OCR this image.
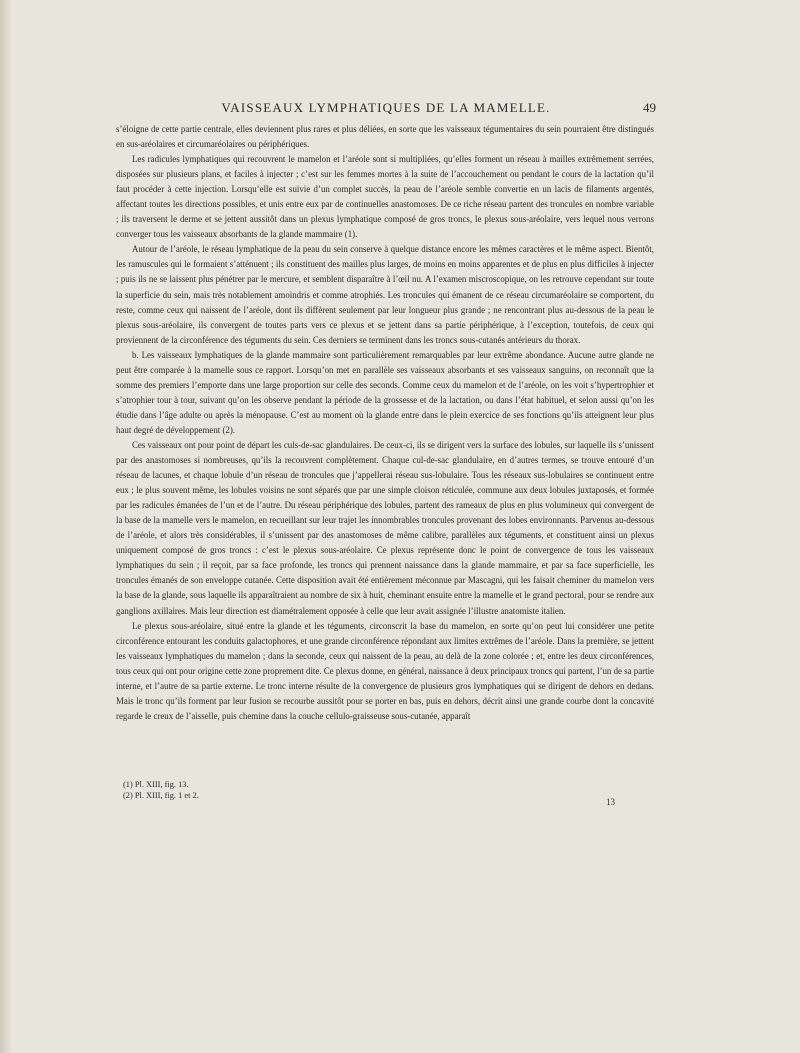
VAISSEAUX LYMPHATIQUES DE LA MAMELLE.	49

s’éloigne de cette partie centrale, elles deviennent plus rares et plus déliées, en sorte que les vaisseaux tégumentaires du sein pourraient être distingués en sus-aréolaires et circumaréolaires ou périphériques.

Les radicules lymphatiques qui recouvrent le mamelon et l’aréole sont si multipliées, qu’elles forment un réseau à mailles extrêmement serrées, disposées sur plusieurs plans, et faciles à injecter ; c’est sur les femmes mortes à la suite de l’accouchement ou pendant le cours de la lactation qu’il faut procéder à cette injection. Lorsqu’elle est suivie d’un complet succès, la peau de l’aréole semble convertie en un lacis de filaments argentés, affectant toutes les directions possibles, et unis entre eux par de continuelles anastomoses. De ce riche réseau partent des troncules en nombre variable ; ils traversent le derme et se jettent aussitôt dans un plexus lymphatique composé de gros troncs, le plexus sous-aréolaire, vers lequel nous verrons converger tous les vaisseaux absorbants de la glande mammaire (1).

Autour de l’aréole, le réseau lymphatique de la peau du sein conserve à quelque distance encore les mêmes caractères et le même aspect. Bientôt, les ramuscules qui le formaient s’atténuent ; ils constituent des mailles plus larges, de moins en moins apparentes et de plus en plus difficiles à injecter ; puis ils ne se laissent plus pénétrer par le mercure, et semblent disparaître à l’œil nu. A l’examen miscroscopique, on les retrouve cependant sur toute la superficie du sein, mais très notablement amoindris et comme atrophiés. Les troncules qui émanent de ce réseau circumaréolaire se comportent, du reste, comme ceux qui naissent de l’aréole, dont ils diffèrent seulement par leur longueur plus grande ; ne rencontrant plus au-dessous de la peau le plexus sous-aréolaire, ils convergent de toutes parts vers ce plexus et se jettent dans sa partie périphérique, à l’exception, toutefois, de ceux qui proviennent de la circonférence des téguments du sein. Ces derniers se terminent dans les troncs sous-cutanés antérieurs du thorax.

b. Les vaisseaux lymphatiques de la glande mammaire sont particulièrement remarquables par leur extrême abondance. Aucune autre glande ne peut être comparée à la mamelle sous ce rapport. Lorsqu’on met en parallèle ses vaisseaux absorbants et ses vaisseaux sanguins, on reconnaît que la somme des premiers l’emporte dans une large proportion sur celle des seconds. Comme ceux du mamelon et de l’aréole, on les voit s’hypertrophier et s’atrophier tour à tour, suivant qu’on les observe pendant la période de la grossesse et de la lactation, ou dans l’état habituel, et selon aussi qu’on les étudie dans l’âge adulte ou après la ménopause. C’est au moment où la glande entre dans le plein exercice de ses fonctions qu’ils atteignent leur plus haut degré de développement (2).

Ces vaisseaux ont pour point de départ les culs-de-sac glandulaires. De ceux-ci, ils se dirigent vers la surface des lobules, sur laquelle ils s’unissent par des anastomoses si nombreuses, qu’ils la recouvrent complètement. Chaque cul-de-sac glandulaire, en d’autres termes, se trouve entouré d’un réseau de lacunes, et chaque lobule d’un réseau de troncules que j’appellerai réseau sus-lobulaire. Tous les réseaux sus-lobulaires se continuent entre eux ; le plus souvent même, les lobules voisins ne sont séparés que par une simple cloison réticulée, commune aux deux lobules juxtaposés, et formée par les radicules émanées de l’un et de l’autre. Du réseau périphérique des lobules, partent des rameaux de plus en plus volumineux qui convergent de la base de la mamelle vers le mamelon, en recueillant sur leur trajet les innombrables troncules provenant des lobes environnants. Parvenus au-dessous de l’aréole, et alors très considérables, il s’unissent par des anastomoses de même calibre, parallèles aux téguments, et constituent ainsi un plexus uniquement composé de gros troncs : c’est le plexus sous-aréolaire. Ce plexus représente donc le point de convergence de tous les vaisseaux lymphatiques du sein ; il reçoit, par sa face profonde, les troncs qui prennent naissance dans la glande mammaire, et par sa face superficielle, les troncules émanés de son enveloppe cutanée. Cette disposition avait été entièrement méconnue par Mascagni, qui les faisait cheminer du mamelon vers la base de la glande, sous laquelle ils apparaîtraient au nombre de six à huit, cheminant ensuite entre la mamelle et le grand pectoral, pour se rendre aux ganglions axillaires. Mais leur direction est diamétralement opposée à celle que leur avait assignée l’illustre anatomiste italien.

Le plexus sous-aréolaire, situé entre la glande et les téguments, circonscrit la base du mamelon, en sorte qu’on peut lui considérer une petite circonférence entourant les conduits galactophores, et une grande circonférence répondant aux limites extrêmes de l’aréole. Dans la première, se jettent les vaisseaux lymphatiques du mamelon ; dans la seconde, ceux qui naissent de la peau, au delà de la zone colorée ; et, entre les deux circonférences, tous ceux qui ont pour origine cette zone proprement dite. Ce plexus donne, en général, naissance à deux principaux troncs qui partent, l’un de sa partie interne, et l’autre de sa partie externe. Le tronc interne résulte de la convergence de plusieurs gros lymphatiques qui se dirigent de dehors en dedans. Mais le tronc qu’ils forment par leur fusion se recourbe aussitôt pour se porter en bas, puis en dehors, décrit ainsi une grande courbe dont la concavité regarde le creux de l’aisselle, puis chemine dans la couche cellulo-graisseuse sous-cutanée, apparaît

(1) Pl. XIII, fig. 13.
(2) Pl. XIII, fig. 1 et 2.
13
